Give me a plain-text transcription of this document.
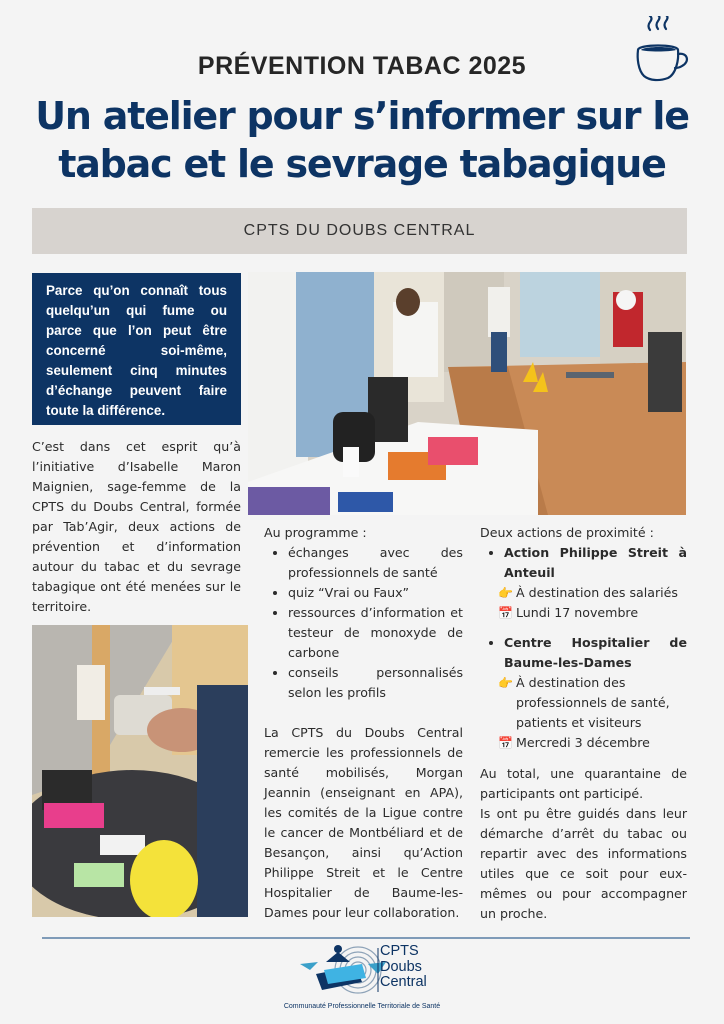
PRÉVENTION TABAC 2025
Un atelier pour s’informer sur le tabac et le sevrage tabagique
CPTS DU DOUBS CENTRAL
Parce qu’on connaît tous quelqu’un qui fume ou parce que l’on peut être concerné soi-même, seulement cinq minutes d’échange peuvent faire toute la différence.
C’est dans cet esprit qu’à l’initiative d’Isabelle Maron Maignien, sage-femme de la CPTS du Doubs Central, formée par Tab’Agir, deux actions de prévention et d’information autour du tabac et du sevrage tabagique ont été menées sur le territoire.
Au programme :
• échanges avec des professionnels de santé
• quiz “Vrai ou Faux”
• ressources d’information et testeur de monoxyde de carbone
• conseils personnalisés selon les profils
La CPTS du Doubs Central remercie les professionnels de santé mobilisés, Morgan Jeannin (enseignant en APA), les comités de la Ligue contre le cancer de Montbéliard et de Besançon, ainsi qu’Action Philippe Streit et le Centre Hospitalier de Baume-les-Dames pour leur collaboration.
Deux actions de proximité :
• Action Philippe Streit à Anteuil
👉 À destination des salariés
📅 Lundi 17 novembre
• Centre Hospitalier de Baume-les-Dames
👉 À destination des professionnels de santé, patients et visiteurs
📅 Mercredi 3 décembre
Au total, une quarantaine de participants ont participé.
Is ont pu être guidés dans leur démarche d’arrêt du tabac ou repartir avec des informations utiles que ce soit pour eux-mêmes ou pour accompagner un proche.
CPTS
Doubs
Central
Communauté Professionnelle Territoriale de Santé
